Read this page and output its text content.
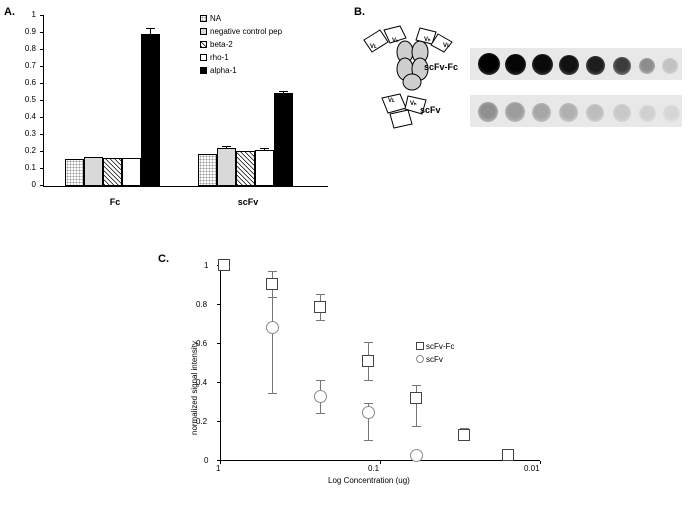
A.
0
0.1
0.2
0.3
0.4
0.5
0.6
0.7
0.8
0.9
1
Fc	scFv
NA
negative control pep
beta-2
rho-1
alpha-1
B.
Vʟ
Vₕ	Vₕ
Vʟ
Vʟ	Vₕ
scFv-Fc
scFv
C.
0
0.2
0.4
0.6
0.8
1
1	0.1	0.01
normalized signal intensity
Log Concentration (ug)
scFv-Fc
scFv
